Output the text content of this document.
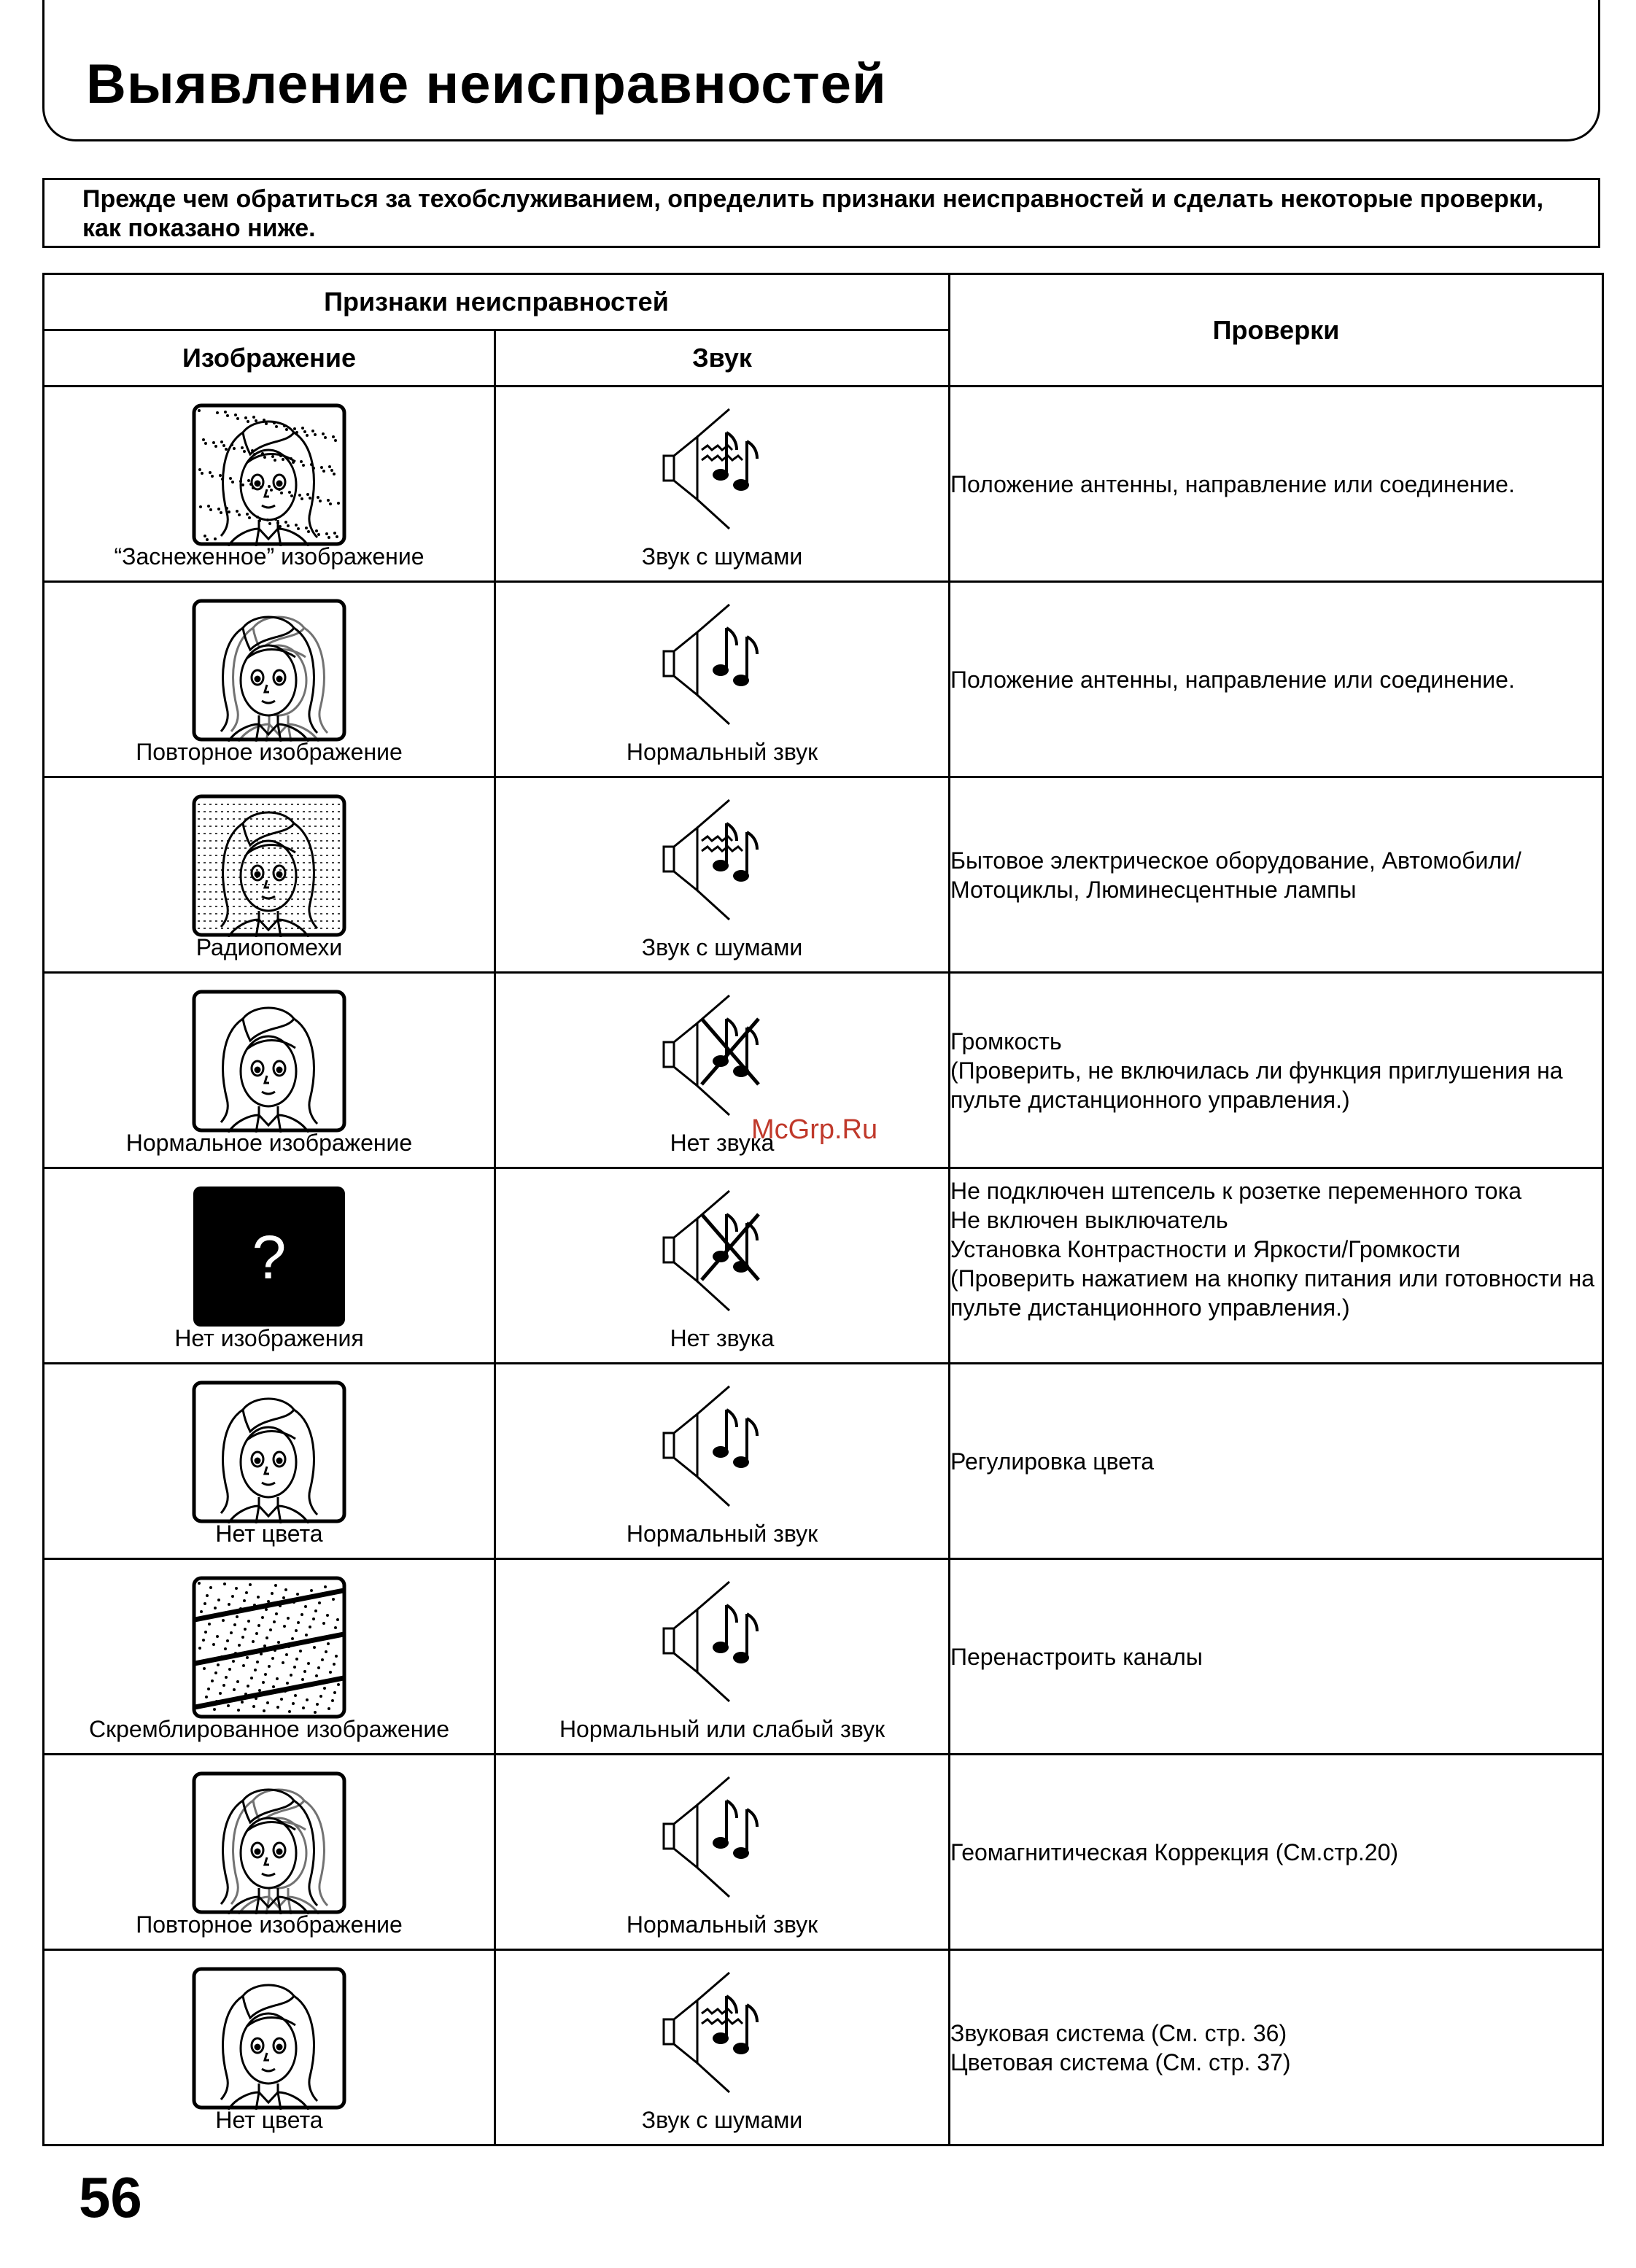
Выявление неисправностей
Прежде чем обратиться за техобслуживанием, определить признаки неисправностей и сделать некоторые проверки, как показано ниже.
Признаки неисправностей		Проверки
Изображение	Звук	

“Заснеженное” изображение	Звук с шумами	Положение антенны, направление или соединение.

Повторное изображение	Нормальный звук	Положение антенны, направление или соединение.

Радиопомехи	Звук с шумами	Бытовое электрическое оборудование, Автомобили/Мотоциклы, Люминесцентные лампы

Нормальное изображение	Нет звука	Громкость
(Проверить, не включилась ли функция приглушения на пульте дистанционного управления.)

?
Нет изображения	Нет звука	Не подключен штепсель к розетке переменного тока
Не включен выключатель
Установка Контрастности и Яркости/Громкости
(Проверить нажатием на кнопку питания или готовности на пульте дистанционного управления.)

Нет цвета	Нормальный звук	Регулировка цвета

Скремблированное изображение	Нормальный или слабый звук	Перенастроить каналы

Повторное изображение	Нормальный звук	Геомагнитическая Коррекция (См.стр.20)

Нет цвета	Звук с шумами	Звуковая система (См. стр. 36)
Цветовая система (См. стр. 37)
McGrp.Ru

56
